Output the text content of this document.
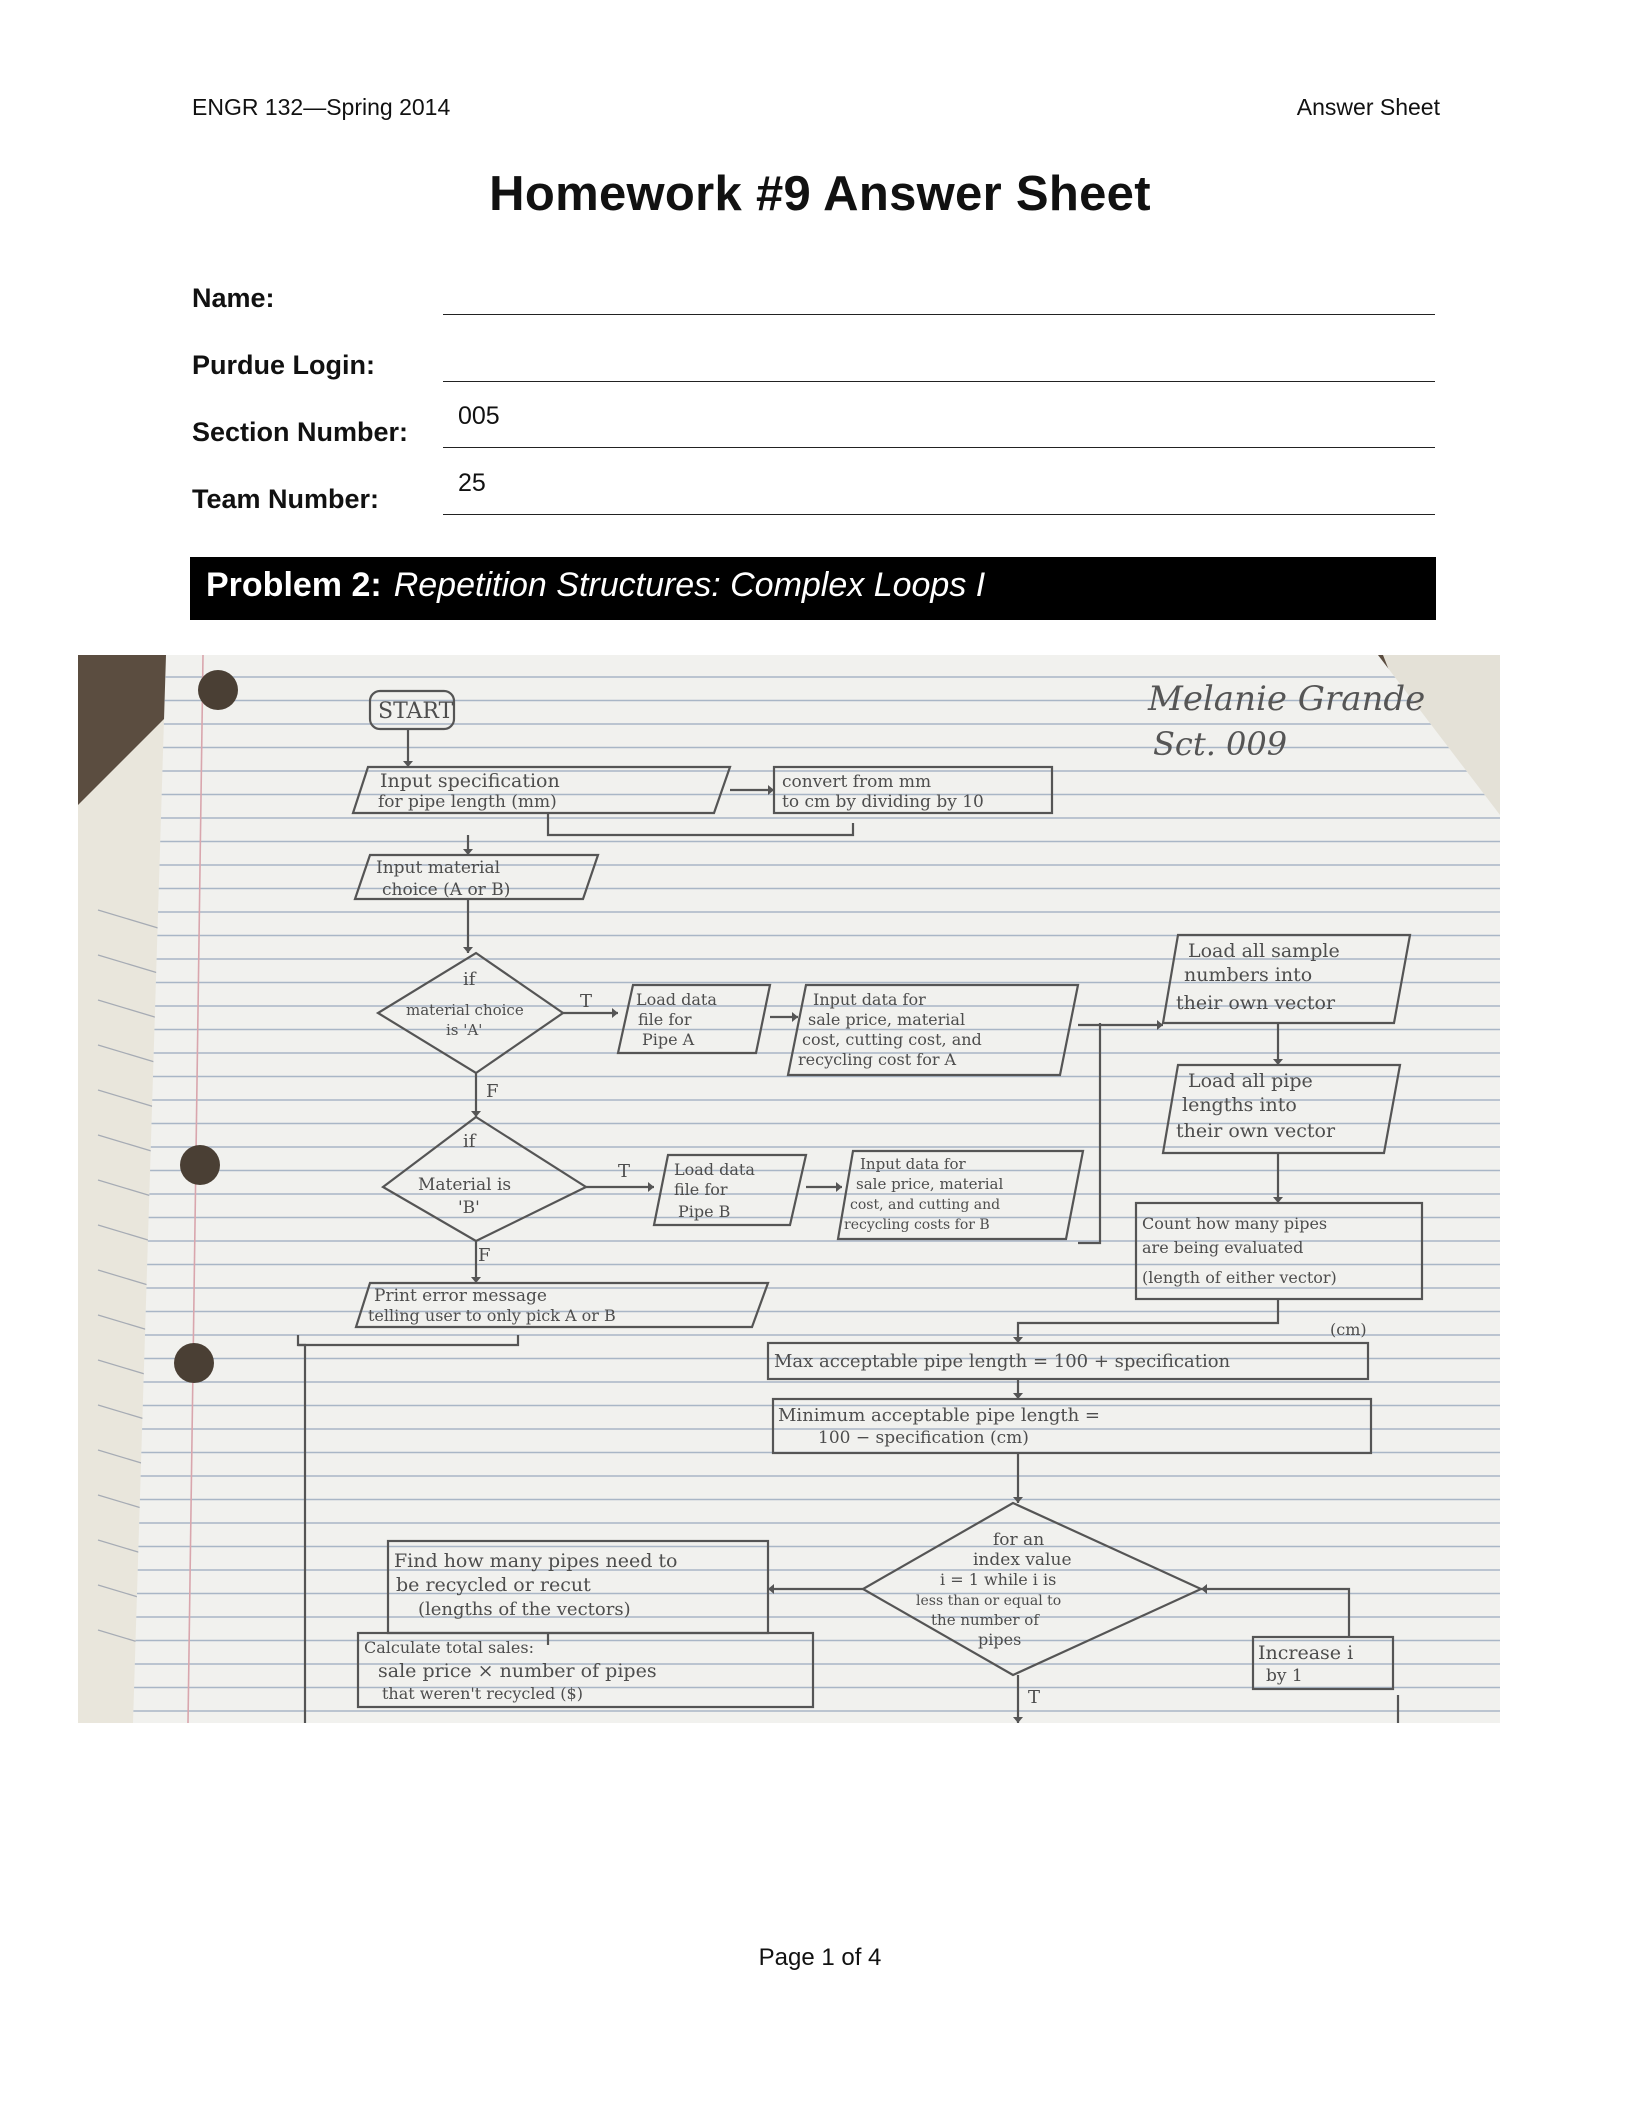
ENGR 132—Spring 2014	Answer Sheet
Homework #9 Answer Sheet
Name:
Purdue Login:
Section Number:
005
Team Number:
25
Problem 2: Repetition Structures: Complex Loops I
Melanie Grande
Sct. 009
START
Input specification
for pipe length (mm)
convert from mm
to cm by dividing by 10
Input material
choice (A or B)
if
material choice
is 'A'
T
F
Load data
file for
Pipe A
Input data for
sale price, material
cost, cutting cost, and
recycling cost for A
if
Material is
'B'
T
F
Load data
file for
Pipe B
Input data for
sale price, material
cost, and cutting and
recycling costs for B
Print error message
telling user to only pick A or B
Load all sample
numbers into
their own vector
Load all pipe
lengths into
their own vector
Count how many pipes
are being evaluated
(length of either vector)
(cm)
Max acceptable pipe length = 100 + specification
Minimum acceptable pipe length =
100 − specification (cm)
for an
index value
i = 1 while i is
less than or equal to
the number of
pipes
T
Find how many pipes need to
be recycled or recut
(lengths of the vectors)
Calculate total sales:
sale price × number of pipes
that weren't recycled ($)
Increase i
by 1
Page 1 of 4
